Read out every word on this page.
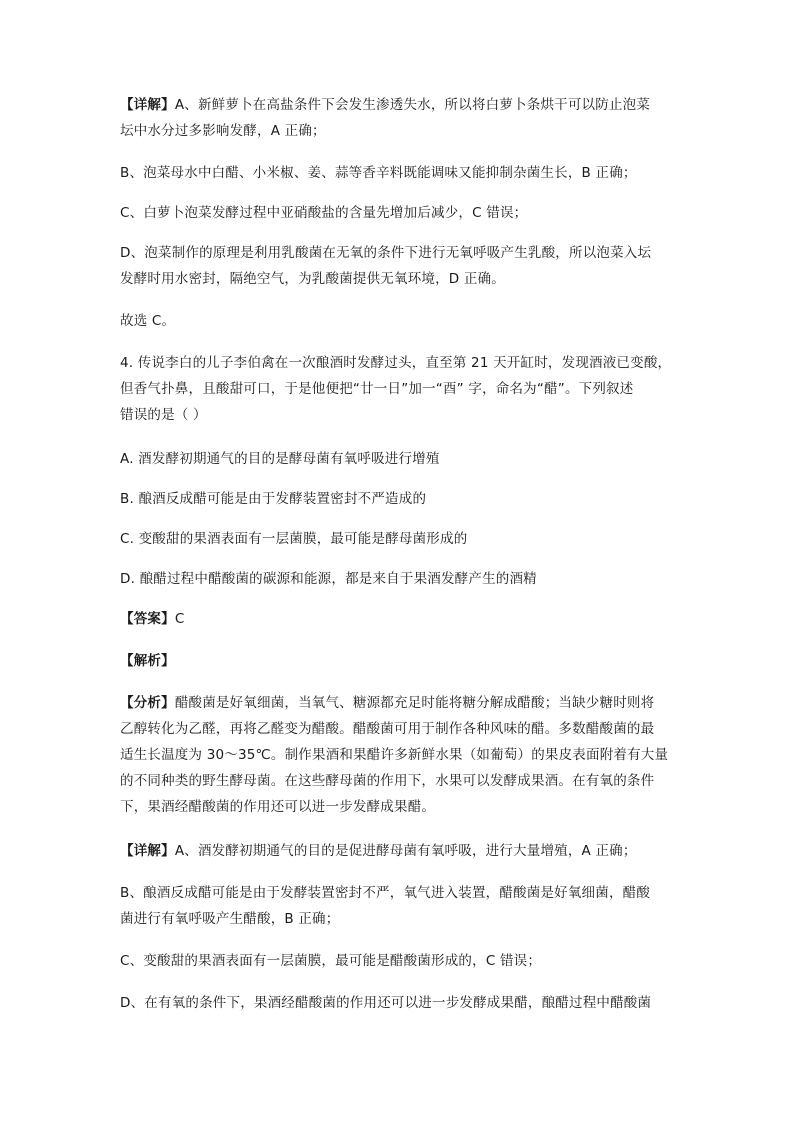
【详解】A、新鲜萝卜在高盐条件下会发生渗透失水，所以将白萝卜条烘干可以防止泡菜
坛中水分过多影响发酵，A 正确；
B、泡菜母水中白醋、小米椒、姜、蒜等香辛料既能调味又能抑制杂菌生长，B 正确；
C、白萝卜泡菜发酵过程中亚硝酸盐的含量先增加后减少，C 错误；
D、泡菜制作的原理是利用乳酸菌在无氧的条件下进行无氧呼吸产生乳酸，所以泡菜入坛
发酵时用水密封，隔绝空气，为乳酸菌提供无氧环境，D 正确。
故选 C。
4. 传说李白的儿子李伯禽在一次酿酒时发酵过头，直至第 21 天开缸时，发现酒液已变酸，
但香气扑鼻，且酸甜可口，于是他便把“廿一日”加一“酉” 字，命名为“醋”。下列叙述
错误的是（ ）
A. 酒发酵初期通气的目的是酵母菌有氧呼吸进行增殖
B. 酿酒反成醋可能是由于发酵装置密封不严造成的
C. 变酸甜的果酒表面有一层菌膜，最可能是酵母菌形成的
D. 酿醋过程中醋酸菌的碳源和能源，都是来自于果酒发酵产生的酒精
【答案】C
【解析】
【分析】醋酸菌是好氧细菌，当氧气、糖源都充足时能将糖分解成醋酸；当缺少糖时则将
乙醇转化为乙醛，再将乙醛变为醋酸。醋酸菌可用于制作各种风味的醋。多数醋酸菌的最
适生长温度为 30～35℃。制作果酒和果醋许多新鲜水果（如葡萄）的果皮表面附着有大量
的不同种类的野生酵母菌。在这些酵母菌的作用下，水果可以发酵成果酒。在有氧的条件
下，果酒经醋酸菌的作用还可以进一步发酵成果醋。
【详解】A、酒发酵初期通气的目的是促进酵母菌有氧呼吸，进行大量增殖，A 正确；
B、酿酒反成醋可能是由于发酵装置密封不严，氧气进入装置，醋酸菌是好氧细菌，醋酸
菌进行有氧呼吸产生醋酸，B 正确；
C、变酸甜的果酒表面有一层菌膜，最可能是醋酸菌形成的，C 错误；
D、在有氧的条件下，果酒经醋酸菌的作用还可以进一步发酵成果醋，酿醋过程中醋酸菌
